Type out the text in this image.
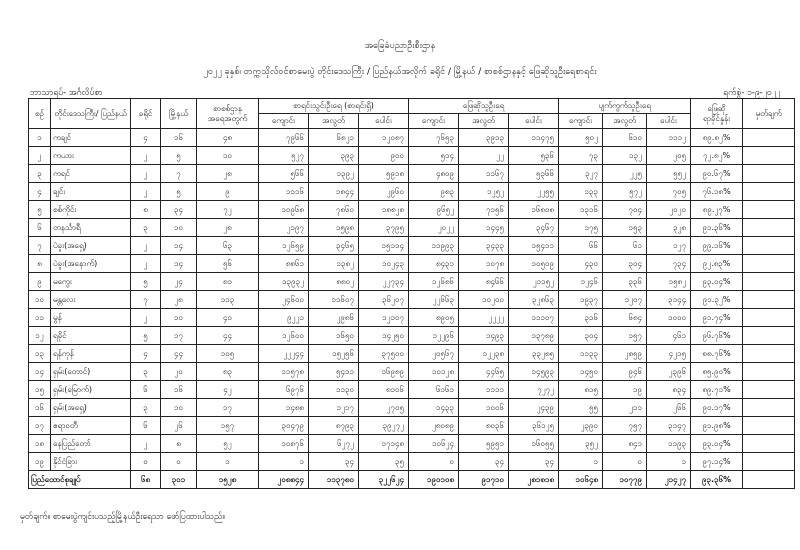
အခြေခံပညာဦးစီးဌာန
၂၀၂၂ ခုနှစ်၊ တက္ကသိုလ်ဝင်စာမေးပွဲ တိုင်းဒေသကြီး / ပြည်နယ်အလိုက် ခရိုင် / မြို့နယ် / စာစစ်ဌာနနှင့် ဖြေဆိုသူဦးရေစာရင်း
ဘာသာရပ်- အင်္ဂလိပ်စာ	ရက်စွဲ- ၁-၉-၂၀၂၂
စဉ်	တိုင်းဒေသကြီး/ ပြည်နယ်	ခရိုင်	မြို့နယ်	စာစစ်ဌာန အရေအတွက်	စာရင်းသွင်းဦးရေ (စာရင်းရှိ)			ဖြေဆိုသူဦးရေ			ပျက်ကွက်သူဦးရေ			ဖြေဆို ရာခိုင်နှုန်း	မှတ်ချက်
					ကျောင်း	အလွတ်	ပေါင်း	ကျောင်း	အလွတ်	ပေါင်း	ကျောင်း	အလွတ်	ပေါင်း		
၁	ကချင်	၄	၁၆	၄၈	၇၉၆၆	၆၈၂၁	၁၂၀၈၇	၇၆၅၃	၃၉၁၃	၁၁၄၇၅	၅၀၂	၆၁၀	၁၁၁၂	၈၉.၈၂%	
၂	ကယား	၂	၅	၁၀	၅၂၇	၃၉၃	၉၀၀	၅၁၄	၂၂	၅၃၆	၇၃	၁၃၂	၂၀၅	၇၂.၈၂%	
၃	ကရင်	၂	၇	၂၈	၅၆၆	၁၃၉၂	၅၉၁၈	၄၈၀၉	၁၁၆၇	၅၃၆၆	၃၂၇	၂၂၅	၅၅၂	၉၀.၆၇%	
၄	ချင်း	၂	၅	၉	၁၁၁၆	၁၈၄၄	၂၉၆၀	၉၈၃	၁၂၅၂	၂၂၅၅	၁၃၃	၅၇၂	၇၀၅	၇၆.၁၈%	
၅	စစ်ကိုင်း	၈	၃၄	၇၂	၁၀၉၆၈	၇၈၆၀	၁၈၈၂၈	၉၆၅၂	၇၁၅၆	၁၆၈၀၈	၁၃၁၆	၇၀၄	၂၀၂၀	၈၉.၂၇%	
၆	တနင်္သာရီ	၃	၁၀	၂၈	၂၁၉၇	၁၅၉၈	၃၇၉၅	၂၀၂၂	၁၄၄၅	၃၄၆၇	၁၇၅	၁၅၃	၃၂၈	၉၁.၃၆%	
၇	ပဲခူး(အရှေ့)	၂	၁၄	၆၃	၁၂၆၅၉	၃၄၆၅	၁၅၁၁၄	၁၁၉၉၃	၃၄၃၃	၁၅၄၁၁	၆၆	၆၁	၁၂၇	၉၉.၁၆%	
၈	ပဲခူး(အနောက်)	၂	၁၄	၅၆	၈၈၆၁	၁၃၈၂	၁၀၂၄၃	၈၄၃၁	၁၀၇၈	၁၀၅၀၉	၄၃၀	၃၀၄	၇၃၄	၉၂.၈၃%	
၉	မကွေး	၅	၂၄	၈၁	၁၃၉၃၂	၈၈၀၂	၂၂၇၃၄	၁၂၆၈၆	၈၄၆၆	၂၁၁၅၂	၁၂၄၆	၃၃၆	၁၅၈၂	၉၃.၀၄%	
၁၀	မန္တလေး	၇	၂၈	၁၁၃	၂၄၆၀၀	၁၁၆၀၇	၃၆၂၀၇	၂၂၆၆၃	၁၀၂၀၀	၃၂၈၆၃	၁၉၃၇	၁၂၀၇	၃၁၄၄	၉၁.၃၂%	
၁၁	မွန်	၂	၁၀	၄၀	၉၂၂၁	၂၉၈၆	၁၂၁၀၇	၈၉၀၅	၂၂၂၂	၁၁၁၀၇	၃၁၆	၆၈၄	၁၀၀၀	၉၁.၇၄%	
၁၂	ရခိုင်	၅	၁၇	၄၄	၁၂၆၀၀	၁၆၅၀	၁၄၂၅၀	၁၂၂၉၆	၁၄၉၃	၁၃၇၈၉	၃၀၄	၁၅၇	၄၆၁	၉၆.၇၆%	
၁၃	ရန်ကုန်	၄	၄၄	၁၀၅	၂၂၂၄၄	၁၅၂၅၆	၃၇၅၀၀	၂၀၅၆၇	၁၂၂၃၈	၃၃၂၈၅	၁၁၃၃	၂၈၅၉	၄၂၁၅	၈၈.၇၆%	
၁၄	ရှမ်း(တောင်)	၃	၂၀	၈၃	၁၁၅၇၈	၅၄၁၁	၁၆၉၈၉	၁၀၁၂၈	၄၄၆၅	၁၄၅၉၃	၁၄၅၀	၉၄၆	၂၃၉၆	၈၅.၉၀%	
၁၅	ရှမ်း(မြောက်)	၆	၁၆	၄၂	၆၉၇၆	၁၁၃၀	၈၁၀၆	၆၁၆၁	၁၁၁၁	၇၂၇၂	၈၁၅	၁၉	၈၃၄	၈၉.၇၁%	
၁၆	ရှမ်း(အရှေ့)	၃	၁၀	၁၇	၁၄၈၈	၁၂၁၇	၂၇၀၅	၁၄၃၃	၁၀၀၆	၂၄၃၉	၅၅	၂၁၁	၂၆၆	၉၀.၁၇%	
၁၇	ဧရာဝတီ	၆	၂၆	၁၅၇	၃၀၄၇၉	၈၇၉၃	၃၉၂၇၂	၂၈၀၈၉	၈၀၃၆	၃၆၁၂၅	၂၃၉၀	၇၅၇	၃၁၄၇	၉၁.၉၈%	
၁၈	နေပြည်တော်	၂	၈	၅၂	၁၀၈၇၆	၆၂၇၂	၁၇၁၄၈	၁၀၆၂၄	၅၉၅၁	၁၆၀၅၅	၃၅၂	၈၄၁	၁၁၉၃	၉၃.၀၄%	
၁၉	နိုင်ငံခြား	၀	၀	၁	၁	၃၄	၃၅	၀	၃၄	၃၄	၁	၀	၁	၉၇.၁၄%	
ပြည်ထောင်စုချုပ်		၆၈	၃၀၁	၁၅၂၈	၂၀၈၈၄၄	၁၁၃၇၈၀	၃၂၂၆၂၄	၁၉၀၁၀၈	၉၁၇၁၀	၂၈၁၈၁၈	၁၀၆၄၈	၁၀၇၇၉	၂၁၄၂၇	၉၃.၃၆%	
မှတ်ချက်။ စာမေးပွဲကျင်းပသည့်မြို့နယ်ဦးရေသာ ဖော်ပြထားပါသည်။
